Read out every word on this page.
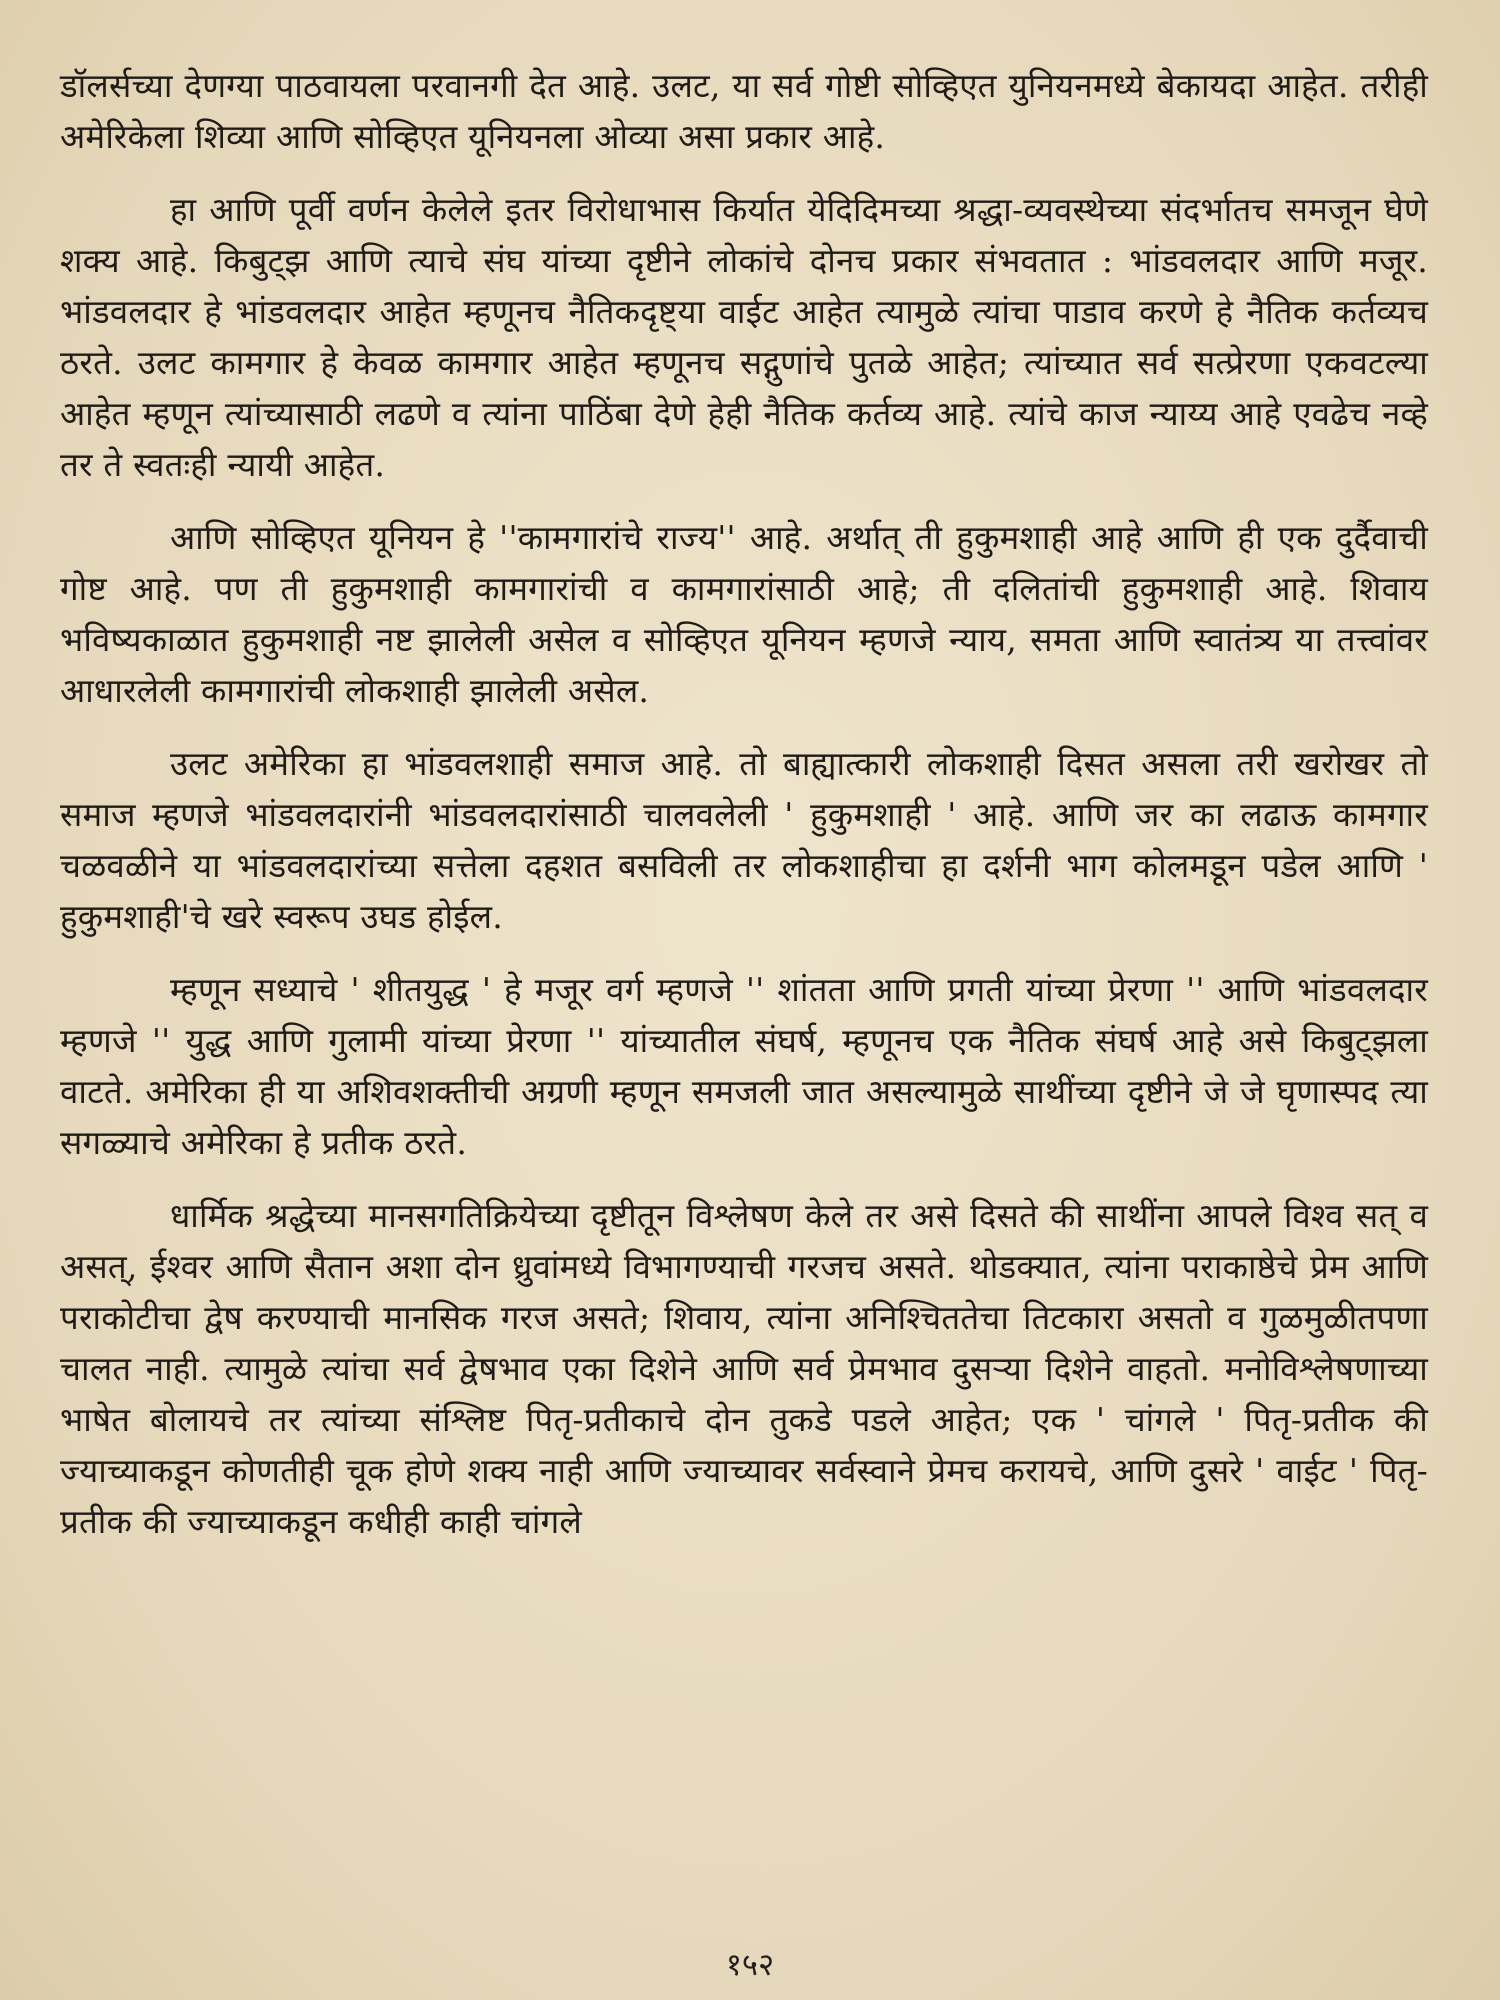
डॉलर्सच्या देणग्या पाठवायला परवानगी देत आहे. उलट, या सर्व गोष्टी सोव्हिएत युनियनमध्ये बेकायदा आहेत. तरीही अमेरिकेला शिव्या आणि सोव्हिएत यूनियनला ओव्या असा प्रकार आहे.

हा आणि पूर्वी वर्णन केलेले इतर विरोधाभास किर्यात येदिदिमच्या श्रद्धा-व्यवस्थेच्या संदर्भातच समजून घेणे शक्य आहे. किबुट्झ आणि त्याचे संघ यांच्या दृष्टीने लोकांचे दोनच प्रकार संभवतात : भांडवलदार आणि मजूर. भांडवलदार हे भांडवलदार आहेत म्हणूनच नैतिकदृष्ट्या वाईट आहेत त्यामुळे त्यांचा पाडाव करणे हे नैतिक कर्तव्यच ठरते. उलट कामगार हे केवळ कामगार आहेत म्हणूनच सद्गुणांचे पुतळे आहेत; त्यांच्यात सर्व सत्प्रेरणा एकवटल्या आहेत म्हणून त्यांच्यासाठी लढणे व त्यांना पाठिंबा देणे हेही नैतिक कर्तव्य आहे. त्यांचे काज न्याय्य आहे एवढेच नव्हे तर ते स्वतःही न्यायी आहेत.

आणि सोव्हिएत यूनियन हे ''कामगारांचे राज्य'' आहे. अर्थात् ती हुकुमशाही आहे आणि ही एक दुर्दैवाची गोष्ट आहे. पण ती हुकुमशाही कामगारांची व कामगारांसाठी आहे; ती दलितांची हुकुमशाही आहे. शिवाय भविष्यकाळात हुकुमशाही नष्ट झालेली असेल व सोव्हिएत यूनियन म्हणजे न्याय, समता आणि स्वातंत्र्य या तत्त्वांवर आधारलेली कामगारांची लोकशाही झालेली असेल.

उलट अमेरिका हा भांडवलशाही समाज आहे. तो बाह्यात्कारी लोकशाही दिसत असला तरी खरोखर तो समाज म्हणजे भांडवलदारांनी भांडवलदारांसाठी चालवलेली ' हुकुमशाही ' आहे. आणि जर का लढाऊ कामगार चळवळीने या भांडवलदारांच्या सत्तेला दहशत बसविली तर लोकशाहीचा हा दर्शनी भाग कोलमडून पडेल आणि ' हुकुमशाही'चे खरे स्वरूप उघड होईल.

म्हणून सध्याचे ' शीतयुद्ध ' हे मजूर वर्ग म्हणजे '' शांतता आणि प्रगती यांच्या प्रेरणा '' आणि भांडवलदार म्हणजे '' युद्ध आणि गुलामी यांच्या प्रेरणा '' यांच्यातील संघर्ष, म्हणूनच एक नैतिक संघर्ष आहे असे किबुट्झला वाटते. अमेरिका ही या अशिवशक्तीची अग्रणी म्हणून समजली जात असल्यामुळे साथींच्या दृष्टीने जे जे घृणास्पद त्या सगळ्याचे अमेरिका हे प्रतीक ठरते.

धार्मिक श्रद्धेच्या मानसगतिक्रियेच्या दृष्टीतून विश्लेषण केले तर असे दिसते की साथींना आपले विश्व सत् व असत्, ईश्वर आणि सैतान अशा दोन ध्रुवांमध्ये विभागण्याची गरजच असते. थोडक्यात, त्यांना पराकाष्ठेचे प्रेम आणि पराकोटीचा द्वेष करण्याची मानसिक गरज असते; शिवाय, त्यांना अनिश्चिततेचा तिटकारा असतो व गुळमुळीतपणा चालत नाही. त्यामुळे त्यांचा सर्व द्वेषभाव एका दिशेने आणि सर्व प्रेमभाव दुसऱ्या दिशेने वाहतो. मनोविश्लेषणाच्या भाषेत बोलायचे तर त्यांच्या संश्लिष्ट पितृ-प्रतीकाचे दोन तुकडे पडले आहेत; एक ' चांगले ' पितृ-प्रतीक की ज्याच्याकडून कोणतीही चूक होणे शक्य नाही आणि ज्याच्यावर सर्वस्वाने प्रेमच करायचे, आणि दुसरे ' वाईट ' पितृ-प्रतीक की ज्याच्याकडून कधीही काही चांगले

१५२
